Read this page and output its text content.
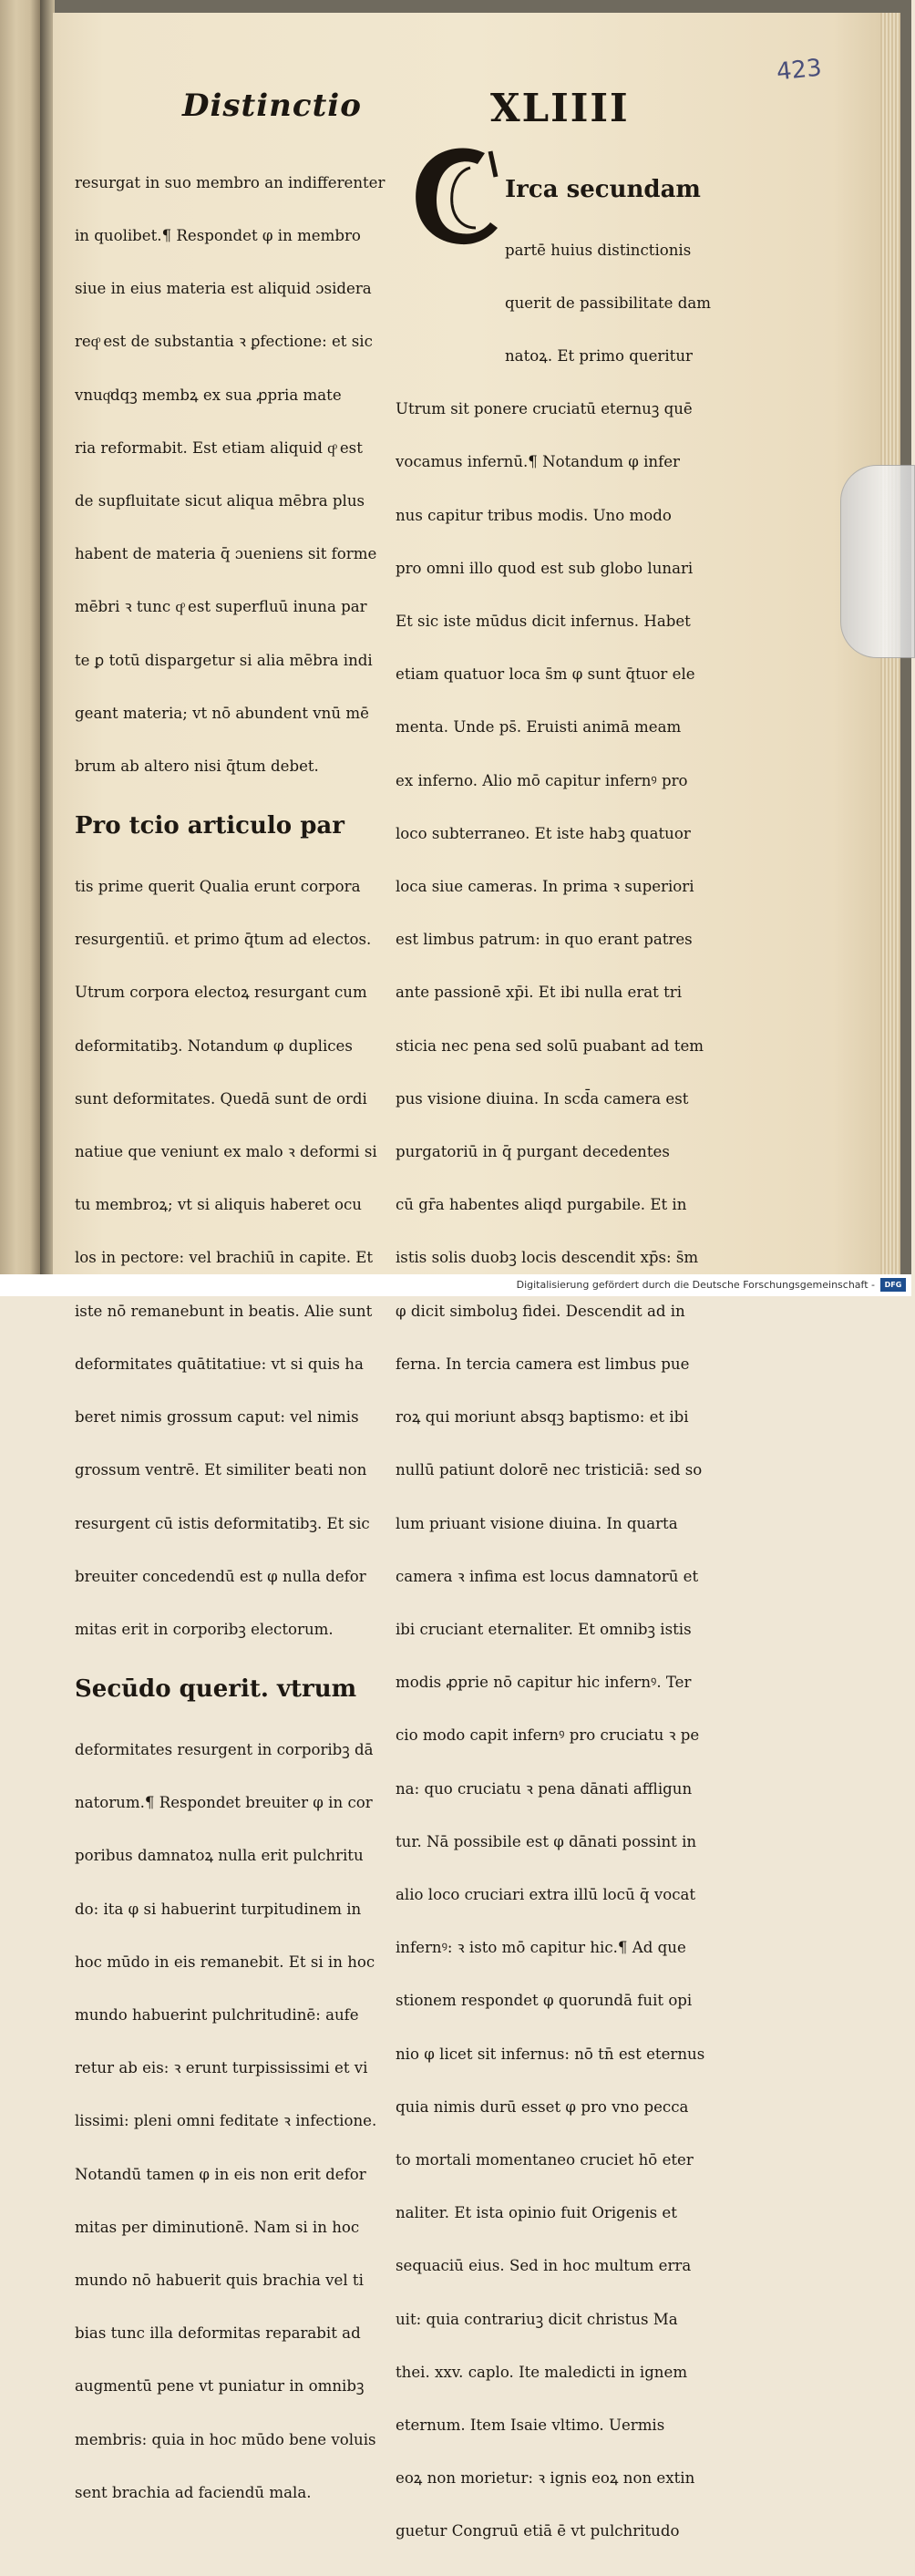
423
Distinctio	XLIIII

resurgat in suo membro an indifferenter

in quolibet.¶ Respondet φ in membro

siue in eius materia est aliquid ɔsidera

reqͦ est de substantia ꝛ ꝑfectione: et sic

vnuqͦdqꝫ membꝝ ex sua ꝓpria mate

ria reformabit. Est etiam aliquid qͦ est

de supfluitate sicut aliqua mēbra plus

habent de materia q̄ ɔueniens sit forme

mēbri ꝛ tunc qͦ est superfluū inuna par

te ꝑ totū dispargetur si alia mēbra indi

geant materia; vt nō abundent vnū mē

brum ab altero nisi q̄tum debet.

Pro tcio articulo par

tis prime querit Qualia erunt corpora

resurgentiū. et primo q̄tum ad electos.

Utrum corpora electoꝝ resurgant cum

deformitatibꝫ. Notandum φ duplices

sunt deformitates. Quedā sunt de ordi

natiue que veniunt ex malo ꝛ deformi si

tu membroꝝ; vt si aliquis haberet ocu

los in pectore: vel brachiū in capite. Et

iste nō remanebunt in beatis. Alie sunt

deformitates quātitatiue: vt si quis ha

beret nimis grossum caput: vel nimis

grossum ventrē. Et similiter beati non

resurgent cū istis deformitatibꝫ. Et sic

breuiter concedendū est φ nulla defor

mitas erit in corporibꝫ electorum.

Secūdo querit. vtrum

deformitates resurgent in corporibꝫ dā

natorum.¶ Respondet breuiter φ in cor

poribus damnatoꝝ nulla erit pulchritu

do: ita φ si habuerint turpitudinem in

hoc mūdo in eis remanebit. Et si in hoc

mundo habuerint pulchritudinē: aufe

retur ab eis: ꝛ erunt turpississimi et vi

lissimi: pleni omni feditate ꝛ infectione.

Notandū tamen φ in eis non erit defor

mitas per diminutionē. Nam si in hoc

mundo nō habuerit quis brachia vel ti

bias tunc illa deformitas reparabit ad

augmentū pene vt puniatur in omnibꝫ

membris: quia in hoc mūdo bene voluis

sent brachia ad faciendū mala.

Irca secundam

partē huius distinctionis

querit de passibilitate dam

natoꝝ. Et primo queritur

Utrum sit ponere cruciatū eternuꝫ quē

vocamus infernū.¶ Notandum φ infer

nus capitur tribus modis. Uno modo

pro omni illo quod est sub globo lunari

Et sic iste mūdus dicit infernus. Habet

etiam quatuor loca s̄m φ sunt q̄tuor ele

menta. Unde ps̄. Eruisti animā meam

ex inferno. Alio mō capitur infernꝰ pro

loco subterraneo. Et iste habꝫ quatuor

loca siue cameras. In prima ꝛ superiori

est limbus patrum: in quo erant patres

ante passionē xp̄i. Et ibi nulla erat tri

sticia nec pena sed solū puabant ad tem

pus visione diuina. In scd̄a camera est

purgatoriū in q̄ purgant decedentes

cū gr̄a habentes aliqd purgabile. Et in

istis solis duobꝫ locis descendit xp̄s: s̄m

φ dicit simboluꝫ fidei. Descendit ad in

ferna. In tercia camera est limbus pue

roꝝ qui moriunt absqꝫ baptismo: et ibi

nullū patiunt dolorē nec tristiciā: sed so

lum priuant visione diuina. In quarta

camera ꝛ infima est locus damnatorū et

ibi cruciant eternaliter. Et omnibꝫ istis

modis ꝓprie nō capitur hic infernꝰ. Ter

cio modo capit infernꝰ pro cruciatu ꝛ pe

na: quo cruciatu ꝛ pena dānati affligun

tur. Nā possibile est φ dānati possint in

alio loco cruciari extra illū locū q̄ vocat

infernꝰ: ꝛ isto mō capitur hic.¶ Ad que

stionem respondet φ quorundā fuit opi

nio φ licet sit infernus: nō tn̄ est eternus

quia nimis durū esset φ pro vno pecca

to mortali momentaneo cruciet hō eter

naliter. Et ista opinio fuit Origenis et

sequaciū eius. Sed in hoc multum erra

uit: quia contrariuꝫ dicit christus Ma

thei. xxv. caplo. Ite maledicti in ignem

eternum. Item Isaie vltimo. Uermis

eoꝝ non morietur: ꝛ ignis eoꝝ non extin

guetur Congruū etiā ē vt pulchritudo

Digitalisierung gefördert durch die Deutsche Forschungsgemeinschaft -	DFG
